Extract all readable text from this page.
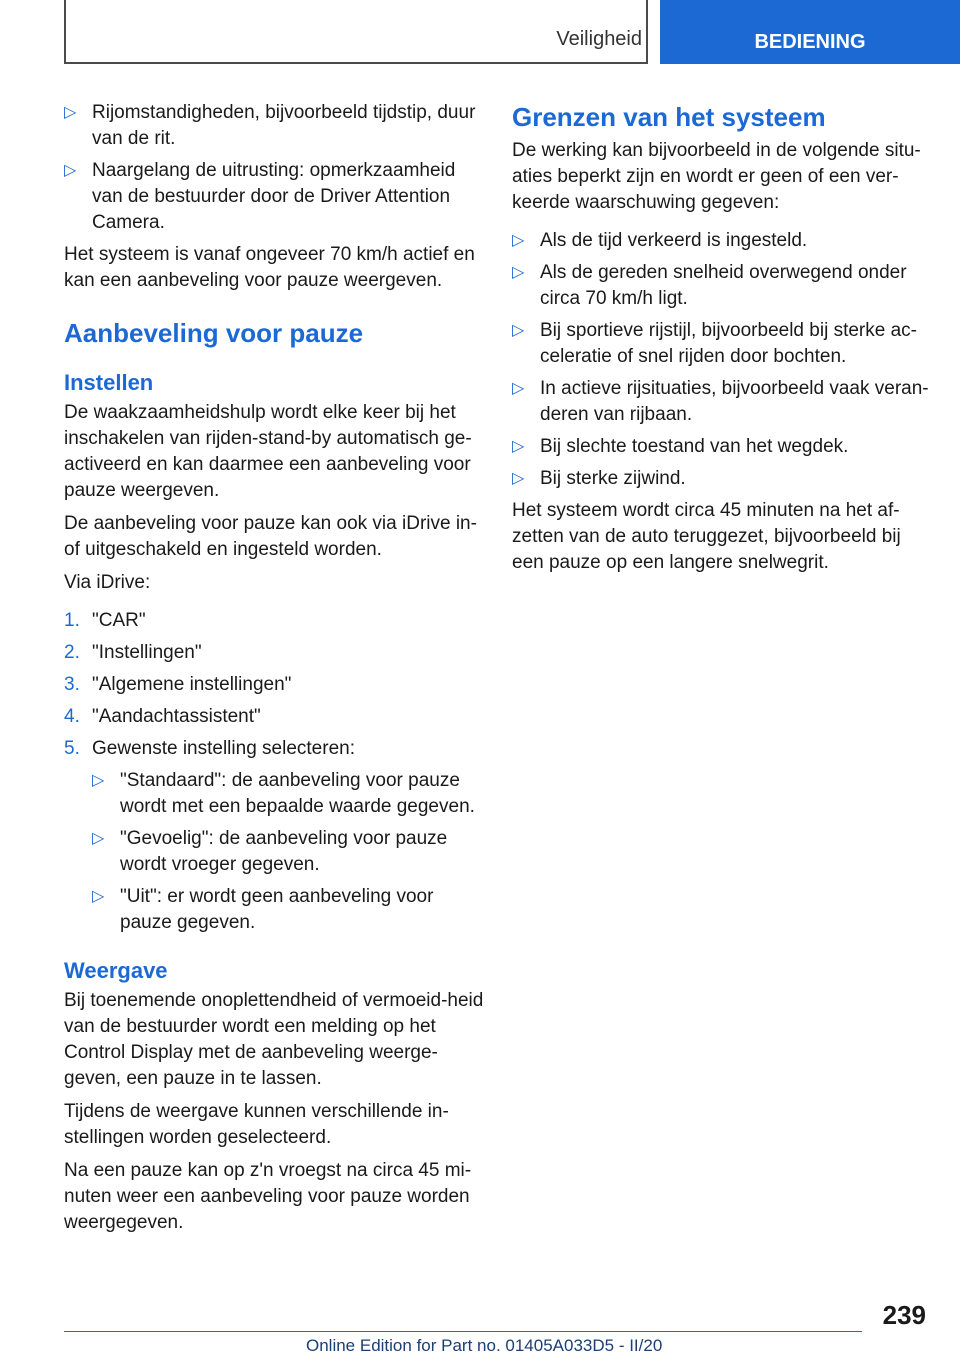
Veiligheid	BEDIENING
▷ Rijomstandigheden, bijvoorbeeld tijdstip, duur van de rit.
▷ Naargelang de uitrusting: opmerkzaamheid van de bestuurder door de Driver Attention Camera.

Het systeem is vanaf ongeveer 70 km/h actief en kan een aanbeveling voor pauze weergeven.

Aanbeveling voor pauze
Instellen

De waakzaamheidshulp wordt elke keer bij het inschakelen van rijden-stand-by automatisch ge-activeerd en kan daarmee een aanbeveling voor pauze weergeven.

De aanbeveling voor pauze kan ook via iDrive in- of uitgeschakeld en ingesteld worden.

Via iDrive:

1. "CAR"
2. "Instellingen"
3. "Algemene instellingen"
4. "Aandachtassistent"
5. Gewenste instelling selecteren:
▷ "Standaard": de aanbeveling voor pauze wordt met een bepaalde waarde gegeven.
▷ "Gevoelig": de aanbeveling voor pauze wordt vroeger gegeven.
▷ "Uit": er wordt geen aanbeveling voor pauze gegeven.
Weergave

Bij toenemende onoplettendheid of vermoeid-heid van de bestuurder wordt een melding op het Control Display met de aanbeveling weerge-geven, een pauze in te lassen.

Tijdens de weergave kunnen verschillende in-stellingen worden geselecteerd.

Na een pauze kan op z'n vroegst na circa 45 mi-nuten weer een aanbeveling voor pauze worden weergegeven.

Grenzen van het systeem

De werking kan bijvoorbeeld in de volgende situ-aties beperkt zijn en wordt er geen of een ver-keerde waarschuwing gegeven:

▷ Als de tijd verkeerd is ingesteld.
▷ Als de gereden snelheid overwegend onder circa 70 km/h ligt.
▷ Bij sportieve rijstijl, bijvoorbeeld bij sterke ac-celeratie of snel rijden door bochten.
▷ In actieve rijsituaties, bijvoorbeeld vaak veran-deren van rijbaan.
▷ Bij slechte toestand van het wegdek.
▷ Bij sterke zijwind.

Het systeem wordt circa 45 minuten na het af-zetten van de auto teruggezet, bijvoorbeeld bij een pauze op een langere snelwegrit.

239
Online Edition for Part no. 01405A033D5 - II/20
